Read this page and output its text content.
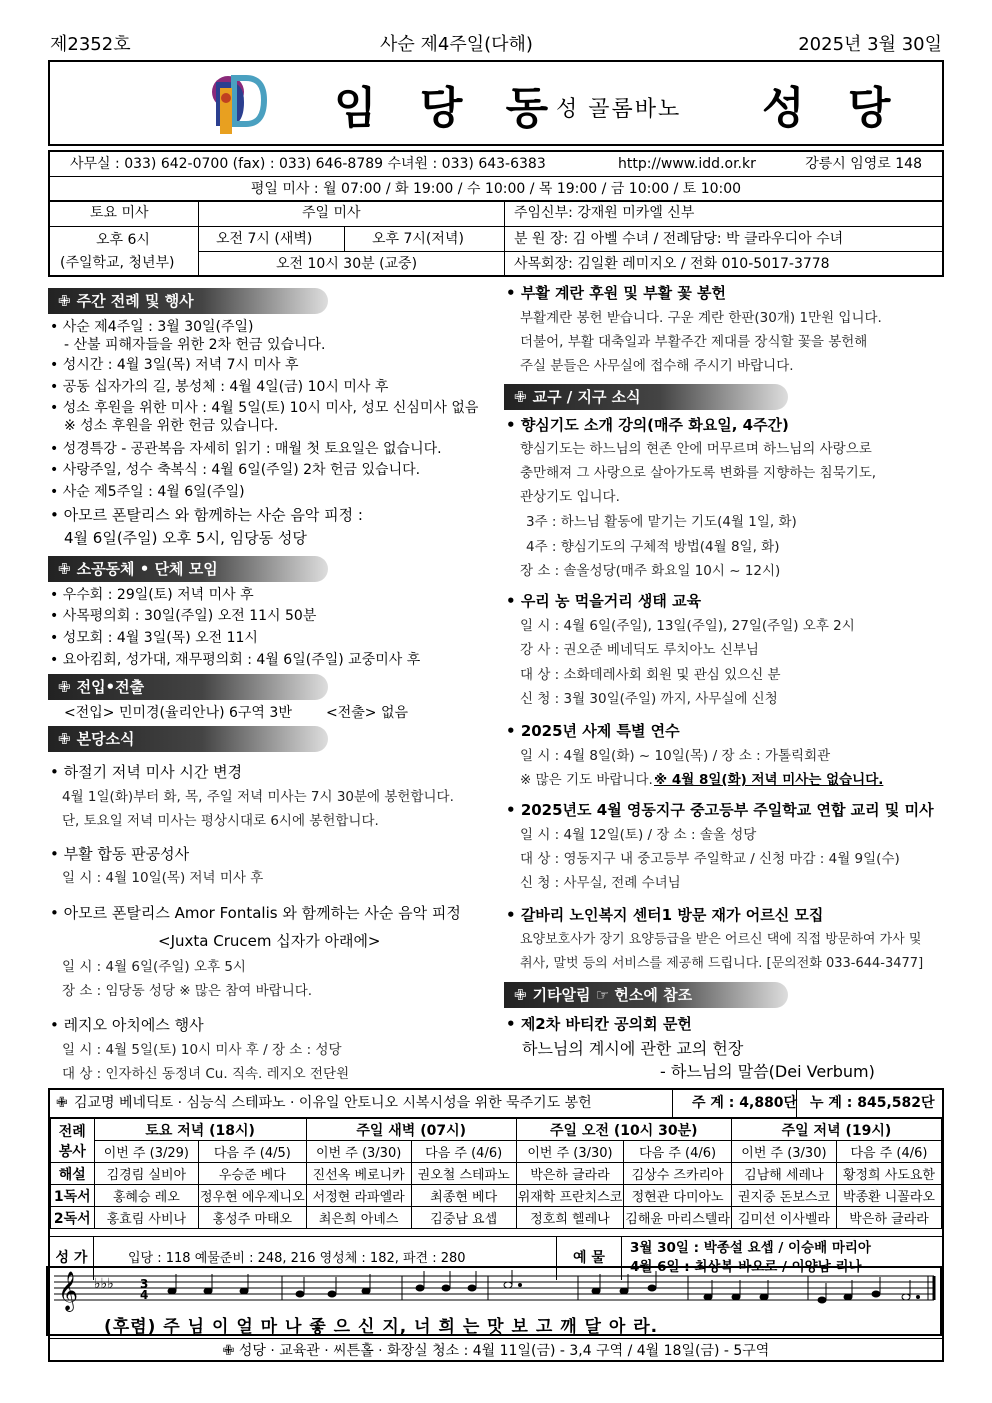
제2352호	사순 제4주일(다해)	2025년 3월 30일
임 당 동
성 골롬바노 성 당
사무실 : 033) 642-0700 (fax) : 033) 646-8789 수녀원 : 033) 643-6383	http://www.idd.or.kr	강릉시 임영로 148
평일 미사 : 월 07:00 / 화 19:00 / 수 10:00 / 목 19:00 / 금 10:00 / 토 10:00
토요 미사	주일 미사
오후 6시
(주일학교, 청년부)
오전 7시 (새벽)	오후 7시(저녁)
오전 10시 30분 (교중)
주임신부: 강재원 미카엘 신부
분 원 장: 김 아벨 수녀 / 전례담당: 박 클라우디아 수녀
사목회장: 김일환 레미지오 / 전화 010-5017-3778
✙ 주간 전례 및 행사
• 사순 제4주일 : 3월 30일(주일)
- 산불 피해자들을 위한 2차 헌금 있습니다.
• 성시간 : 4월 3일(목) 저녁 7시 미사 후
• 공동 십자가의 길, 봉성체 : 4월 4일(금) 10시 미사 후
• 성소 후원을 위한 미사 : 4월 5일(토) 10시 미사, 성모 신심미사 없음
※ 성소 후원을 위한 헌금 있습니다.
• 성경특강 - 공관복음 자세히 읽기 : 매월 첫 토요일은 없습니다.
• 사랑주일, 성수 축복식 : 4월 6일(주일) 2차 헌금 있습니다.
• 사순 제5주일 : 4월 6일(주일)
• 아모르 폰탈리스 와 함께하는 사순 음악 피정 :
4월 6일(주일) 오후 5시, 임당동 성당
✙ 소공동체 • 단체 모임
• 우수회 : 29일(토) 저녁 미사 후
• 사목평의회 : 30일(주일) 오전 11시 50분
• 성모회 : 4월 3일(목) 오전 11시
• 요아킴회, 성가대, 재무평의회 : 4월 6일(주일) 교중미사 후
✙ 전입•전출
<전입> 민미경(율리안나) 6구역 3반 <전출> 없음
✙ 본당소식
• 하절기 저녁 미사 시간 변경
4월 1일(화)부터 화, 목, 주일 저녁 미사는 7시 30분에 봉헌합니다.
단, 토요일 저녁 미사는 평상시대로 6시에 봉헌합니다.
• 부활 합동 판공성사
일 시 : 4월 10일(목) 저녁 미사 후
• 아모르 폰탈리스 Amor Fontalis 와 함께하는 사순 음악 피정
<Juxta Crucem 십자가 아래에>
일 시 : 4월 6일(주일) 오후 5시
장 소 : 임당동 성당 ※ 많은 참여 바랍니다.
• 레지오 아치에스 행사
일 시 : 4월 5일(토) 10시 미사 후 / 장 소 : 성당
대 상 : 인자하신 동정녀 Cu. 직속. 레지오 전단원
• 부활 계란 후원 및 부활 꽃 봉헌
부활계란 봉헌 받습니다. 구운 계란 한판(30개) 1만원 입니다.
더불어, 부활 대축일과 부활주간 제대를 장식할 꽃을 봉헌해
주실 분들은 사무실에 접수해 주시기 바랍니다.
✙ 교구 / 지구 소식
• 향심기도 소개 강의(매주 화요일, 4주간)
향심기도는 하느님의 현존 안에 머무르며 하느님의 사랑으로
충만해져 그 사랑으로 살아가도록 변화를 지향하는 침묵기도,
관상기도 입니다.
3주 : 하느님 활동에 맡기는 기도(4월 1일, 화)
4주 : 향심기도의 구체적 방법(4월 8일, 화)
장 소 : 솔올성당(매주 화요일 10시 ~ 12시)
• 우리 농 먹을거리 생태 교육
일 시 : 4월 6일(주일), 13일(주일), 27일(주일) 오후 2시
강 사 : 권오준 베네딕도 루치아노 신부님
대 상 : 소화데레사회 회원 및 관심 있으신 분
신 청 : 3월 30일(주일) 까지, 사무실에 신청
• 2025년 사제 특별 연수
일 시 : 4월 8일(화) ~ 10일(목) / 장 소 : 가톨릭회관
※ 많은 기도 바랍니다. ※ 4월 8일(화) 저녁 미사는 없습니다.
• 2025년도 4월 영동지구 중고등부 주일학교 연합 교리 및 미사
일 시 : 4월 12일(토) / 장 소 : 솔올 성당
대 상 : 영동지구 내 중고등부 주일학교 / 신청 마감 : 4월 9일(수)
신 청 : 사무실, 전례 수녀님
• 갈바리 노인복지 센터1 방문 재가 어르신 모집
요양보호사가 장기 요양등급을 받은 어르신 댁에 직접 방문하여 가사 및
취사, 말벗 등의 서비스를 제공해 드립니다. [문의전화 033-644-3477]
✙ 기타알림 ☞ 헌소에 참조
• 제2차 바티칸 공의회 문헌
하느님의 계시에 관한 교의 헌장
- 하느님의 말씀(Dei Verbum)
✙ 김교명 베네딕토 · 심능식 스테파노 · 이유일 안토니오 시복시성을 위한 묵주기도 봉헌	주 계 : 4,880단 누 계 : 845,582단
전례
봉사	토요 저녁 (18시)		주일 새벽 (07시)		주일 오전 (10시 30분)		주일 저녁 (19시)	
	이번 주 (3/29)	다음 주 (4/5)	이번 주 (3/30)	다음 주 (4/6)	이번 주 (3/30)	다음 주 (4/6)	이번 주 (3/30)	다음 주 (4/6)
해설	김경림 실비아	우승준 베다	진선옥 베로니카	권오철 스테파노	박은하 글라라	김상수 즈카리아	김남해 세레나	황정희 사도요한
1독서	홍혜승 레오	정우현 에우제니오	서정현 라파엘라	최종현 베다	위재학 프란치스코	정현관 다미아노	권지중 돈보스코	박종환 니꼴라오
2독서	홍효림 사비나	홍성주 마태오	최은희 아녜스	김중남 요셉	정호희 헬레나	김해윤 마리스텔라	김미선 이사벨라	박은하 글라라
성 가	입당 : 118 예물준비 : 248, 216 영성체 : 182, 파견 : 280	예 물
3월 30일 : 박종설 요셉 / 이승배 마리아
4월 6일 : 최상복 바오로 / 이양남 리나
𝄞 ♭♭♭ 3
4
(후렴) 주 님 이 얼 마 나 좋 으 신 지, 너 희 는 맛 보 고 깨 달 아 라.
✙ 성당 · 교육관 · 씨튼홀 · 화장실 청소 : 4월 11일(금) - 3,4 구역 / 4월 18일(금) - 5구역
